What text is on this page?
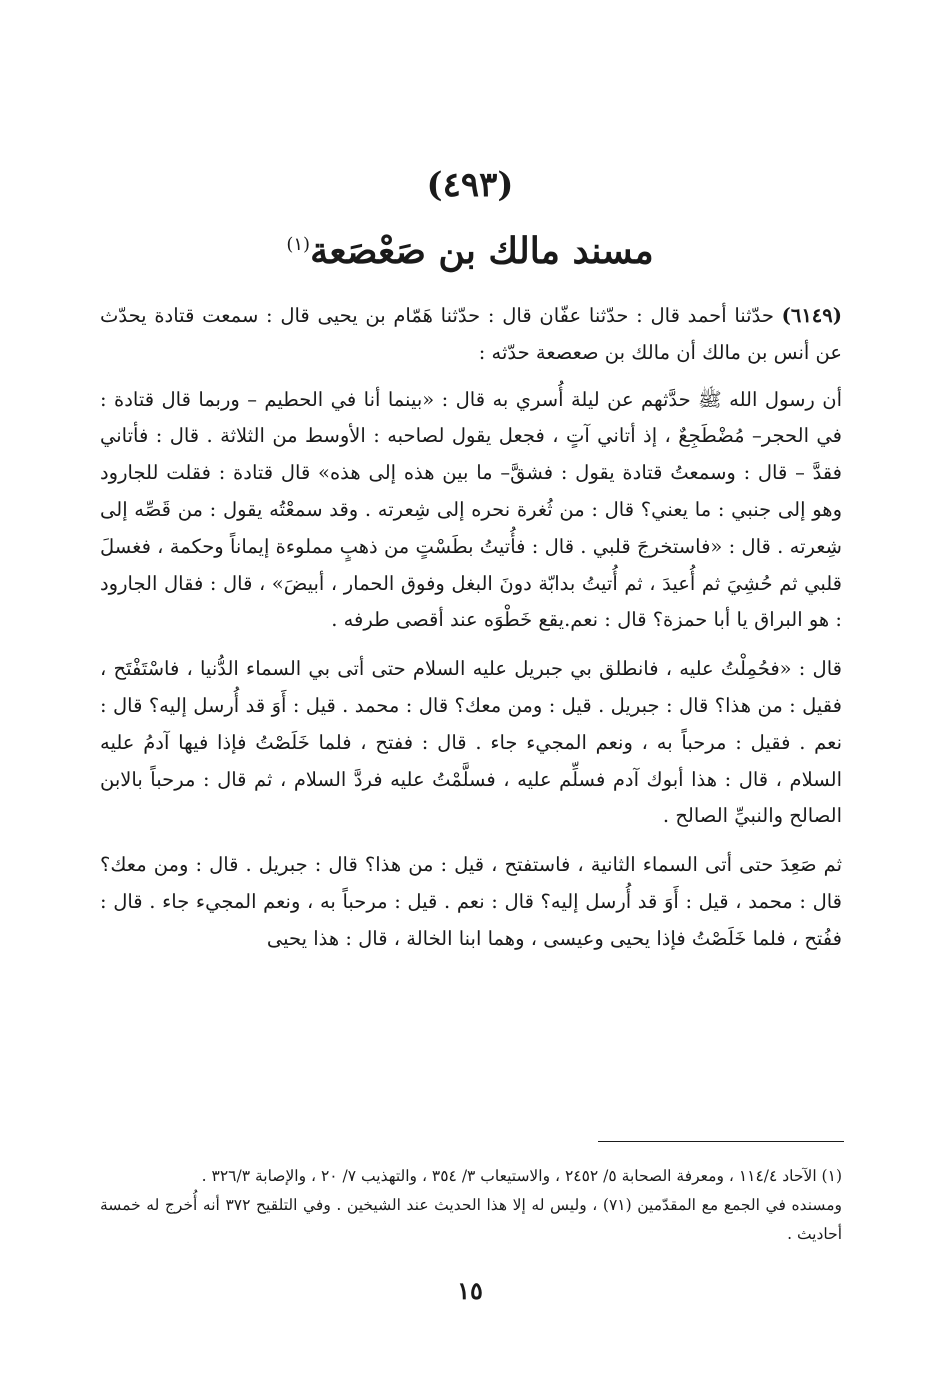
(٤٩٣)
مسند مالك بن صَعْصَعة$^{(١)}$

(٦١٤٩) حدّثنا أحمد قال : حدّثنا عفّان قال : حدّثنا هَمّام بن يحيى قال : سمعت قتادة يحدّث عن أنس بن مالك أن مالك بن صعصعة حدّثه :

أن رسول الله ﷺ حدَّثهم عن ليلة أُسري به قال : «بينما أنا في الحطيم – وربما قال قتادة : في الحجر– مُضْطَجِعٌ ، إذ أتاني آتٍ ، فجعل يقول لصاحبه : الأوسط من الثلاثة . قال : فأتاني فقدَّ – قال : وسمعتُ قتادة يقول : فشقَّ– ما بين هذه إلى هذه» قال قتادة : فقلت للجارود وهو إلى جنبي : ما يعني؟ قال : من ثُغرة نحره إلى شِعرته . وقد سمعْتُه يقول : من قَصِّه إلى شِعرته . قال : «فاستخرجَ قلبي . قال : فأُتيتُ بطَسْتٍ من ذهبٍ مملوءة إيماناً وحكمة ، فغسلَ قلبي ثم حُشِيَ ثم أُعيدَ ، ثم أُتيتُ بدابّة دونَ البغل وفوق الحمار ، أبيضَ» ، قال : فقال الجارود : هو البراق يا أبا حمزة؟ قال : نعم.يقع خَطْوَه عند أقصى طرفه .

قال : «فحُمِلْتُ عليه ، فانطلق بي جبريل عليه السلام حتى أتى بي السماء الدُّنيا ، فاسْتَفْتَح ، فقيل : من هذا؟ قال : جبريل . قيل : ومن معك؟ قال : محمد . قيل : أَوَ قد أُرسل إليه؟ قال : نعم . فقيل : مرحباً به ، ونعم المجيء جاء . قال : ففتح ، فلما خَلَصْتُ فإذا فيها آدمُ عليه السلام ، قال : هذا أبوك آدم فسلِّم عليه ، فسلَّمْتُ عليه فردَّ السلام ، ثم قال : مرحباً بالابن الصالح والنبيِّ الصالح .

ثم صَعِدَ حتى أتى السماء الثانية ، فاستفتح ، قيل : من هذا؟ قال : جبريل . قال : ومن معك؟ قال : محمد ، قيل : أَوَ قد أُرسل إليه؟ قال : نعم . قيل : مرحباً به ، ونعم المجيء جاء . قال : ففُتح ، فلما خَلَصْتُ فإذا يحيى وعيسى ، وهما ابنا الخالة ، قال : هذا يحيى

(١) الآحاد ١١٤/٤ ، ومعرفة الصحابة ٥/ ٢٤٥٢ ، والاستيعاب ٣/ ٣٥٤ ، والتهذيب ٧/ ٢٠ ، والإصابة ٣٢٦/٣ .

ومسنده في الجمع مع المقدّمين (٧١) ، وليس له إلا هذا الحديث عند الشيخين . وفي التلقيح ٣٧٢ أنه أُخرج له خمسة أحاديث .

١٥
